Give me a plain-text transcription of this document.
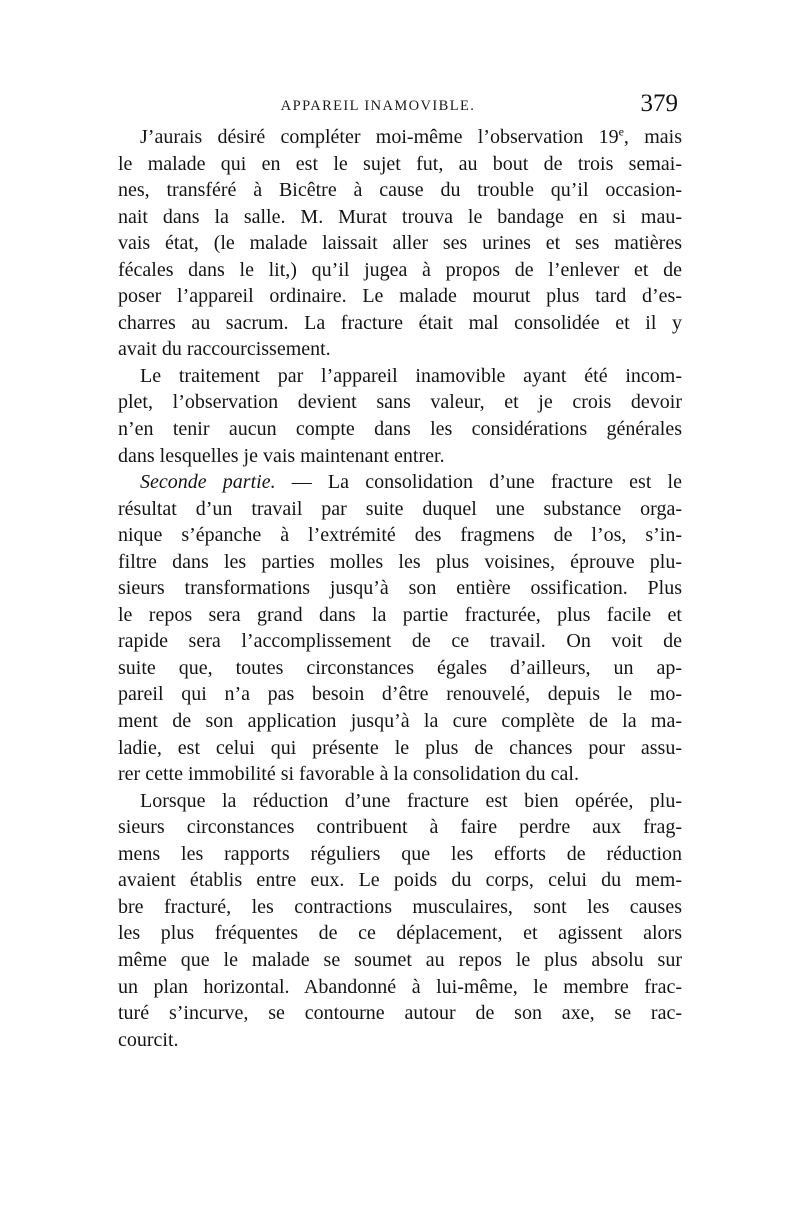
APPAREIL INAMOVIBLE.	379
J’aurais désiré compléter moi-même l’observation 19e, mais
le malade qui en est le sujet fut, au bout de trois semai-
nes, transféré à Bicêtre à cause du trouble qu’il occasion-
nait dans la salle. M. Murat trouva le bandage en si mau-
vais état, (le malade laissait aller ses urines et ses matières
fécales dans le lit,) qu’il jugea à propos de l’enlever et de
poser l’appareil ordinaire. Le malade mourut plus tard d’es-
charres au sacrum. La fracture était mal consolidée et il y
avait du raccourcissement.
Le traitement par l’appareil inamovible ayant été incom-
plet, l’observation devient sans valeur, et je crois devoir
n’en tenir aucun compte dans les considérations générales
dans lesquelles je vais maintenant entrer.
Seconde partie. — La consolidation d’une fracture est le
résultat d’un travail par suite duquel une substance orga-
nique s’épanche à l’extrémité des fragmens de l’os, s’in-
filtre dans les parties molles les plus voisines, éprouve plu-
sieurs transformations jusqu’à son entière ossification. Plus
le repos sera grand dans la partie fracturée, plus facile et
rapide sera l’accomplissement de ce travail. On voit de
suite que, toutes circonstances égales d’ailleurs, un ap-
pareil qui n’a pas besoin d’être renouvelé, depuis le mo-
ment de son application jusqu’à la cure complète de la ma-
ladie, est celui qui présente le plus de chances pour assu-
rer cette immobilité si favorable à la consolidation du cal.
Lorsque la réduction d’une fracture est bien opérée, plu-
sieurs circonstances contribuent à faire perdre aux frag-
mens les rapports réguliers que les efforts de réduction
avaient établis entre eux. Le poids du corps, celui du mem-
bre fracturé, les contractions musculaires, sont les causes
les plus fréquentes de ce déplacement, et agissent alors
même que le malade se soumet au repos le plus absolu sur
un plan horizontal. Abandonné à lui-même, le membre frac-
turé s’incurve, se contourne autour de son axe, se rac-
courcit.
